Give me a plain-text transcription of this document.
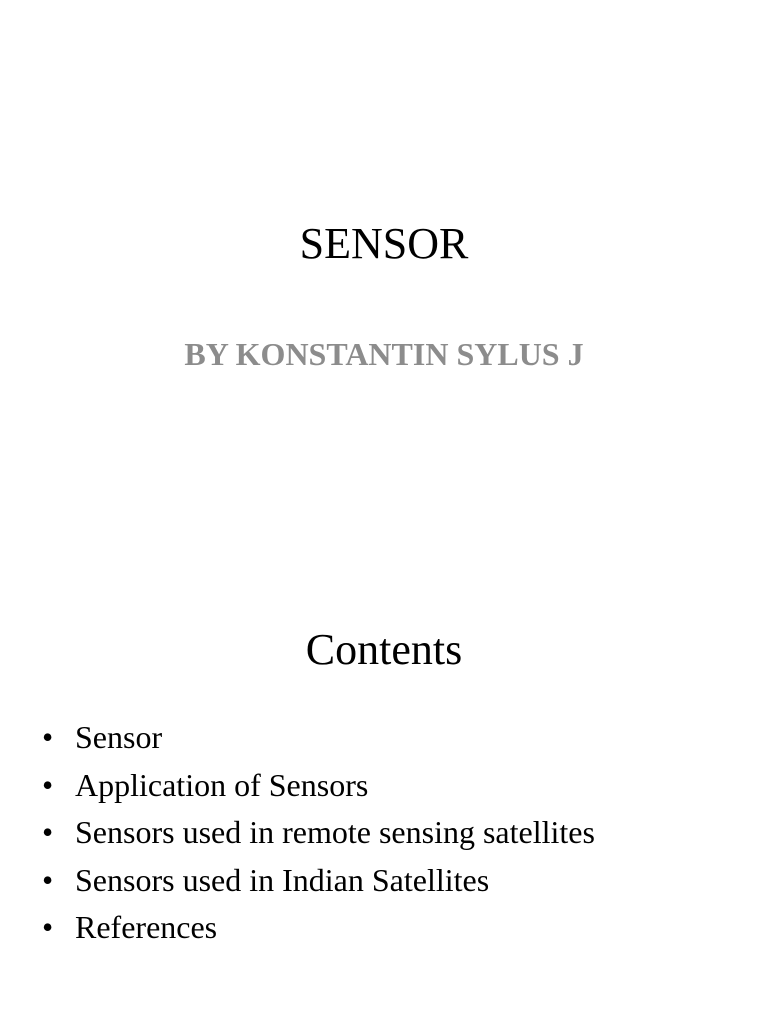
SENSOR

BY KONSTANTIN SYLUS J

Contents
• Sensor
• Application of Sensors
• Sensors used in remote sensing satellites
• Sensors used in Indian Satellites
• References
